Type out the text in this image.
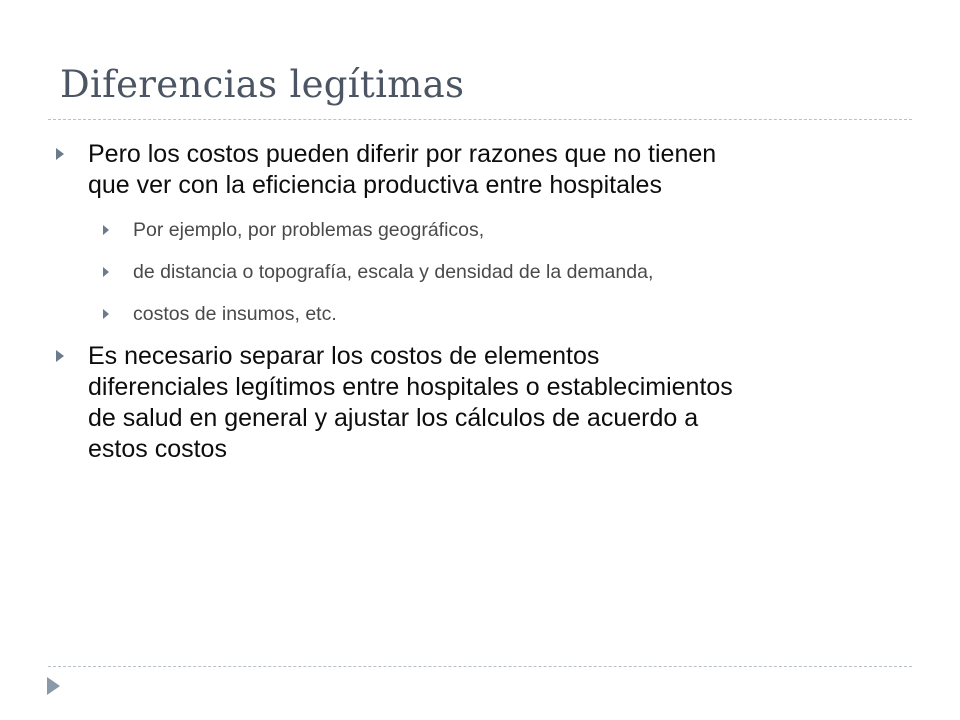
Diferencias legítimas
Pero los costos pueden diferir por razones que no tienen
que ver con la eficiencia productiva entre hospitales
Por ejemplo, por problemas geográficos,
de distancia o topografía, escala y densidad de la demanda,
costos de insumos, etc.
Es necesario separar los costos de elementos
diferenciales legítimos entre hospitales o establecimientos
de salud en general y ajustar los cálculos de acuerdo a
estos costos
